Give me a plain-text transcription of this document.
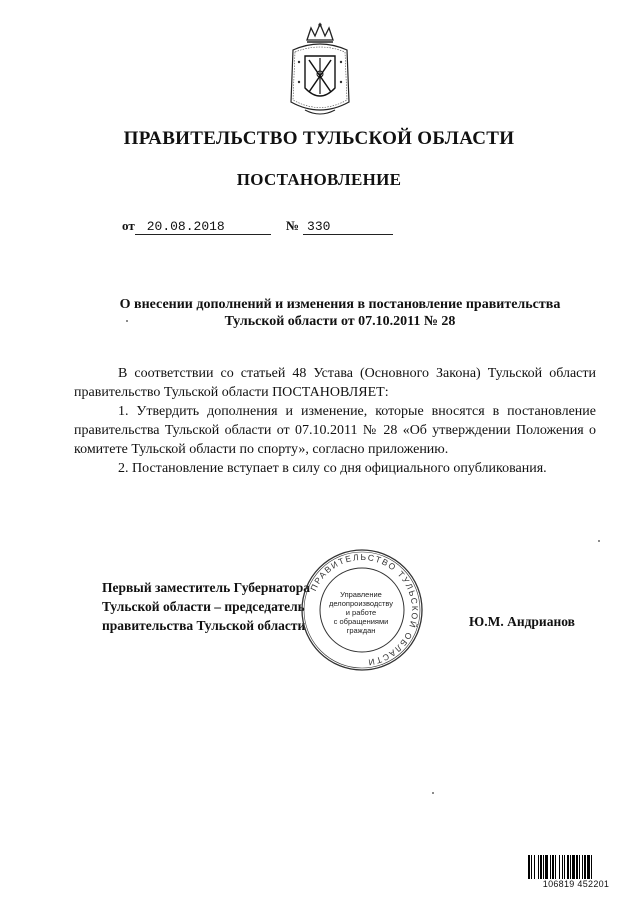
ПРАВИТЕЛЬСТВО ТУЛЬСКОЙ ОБЛАСТИ
ПОСТАНОВЛЕНИЕ
от 20.08.2018	№ 330
О внесении дополнений и изменения в постановление правительства
Тульской области от 07.10.2011 № 28

В соответствии со статьей 48 Устава (Основного Закона) Тульской области правительство Тульской области ПОСТАНОВЛЯЕТ:

1. Утвердить дополнения и изменение, которые вносятся в постановление правительства Тульской области от 07.10.2011 № 28 «Об утверждении Положения о комитете Тульской области по спорту», согласно приложению.

2. Постановление вступает в силу со дня официального опубликования.

Первый заместитель Губернатора
Тульской области – председатель
правительства Тульской области
ПРАВИТЕЛЬСТВО ТУЛЬСКОЙ ОБЛАСТИ
Управление
делопроизводству
и работе
с обращениями
граждан
Ю.М. Андрианов
106819 452201
